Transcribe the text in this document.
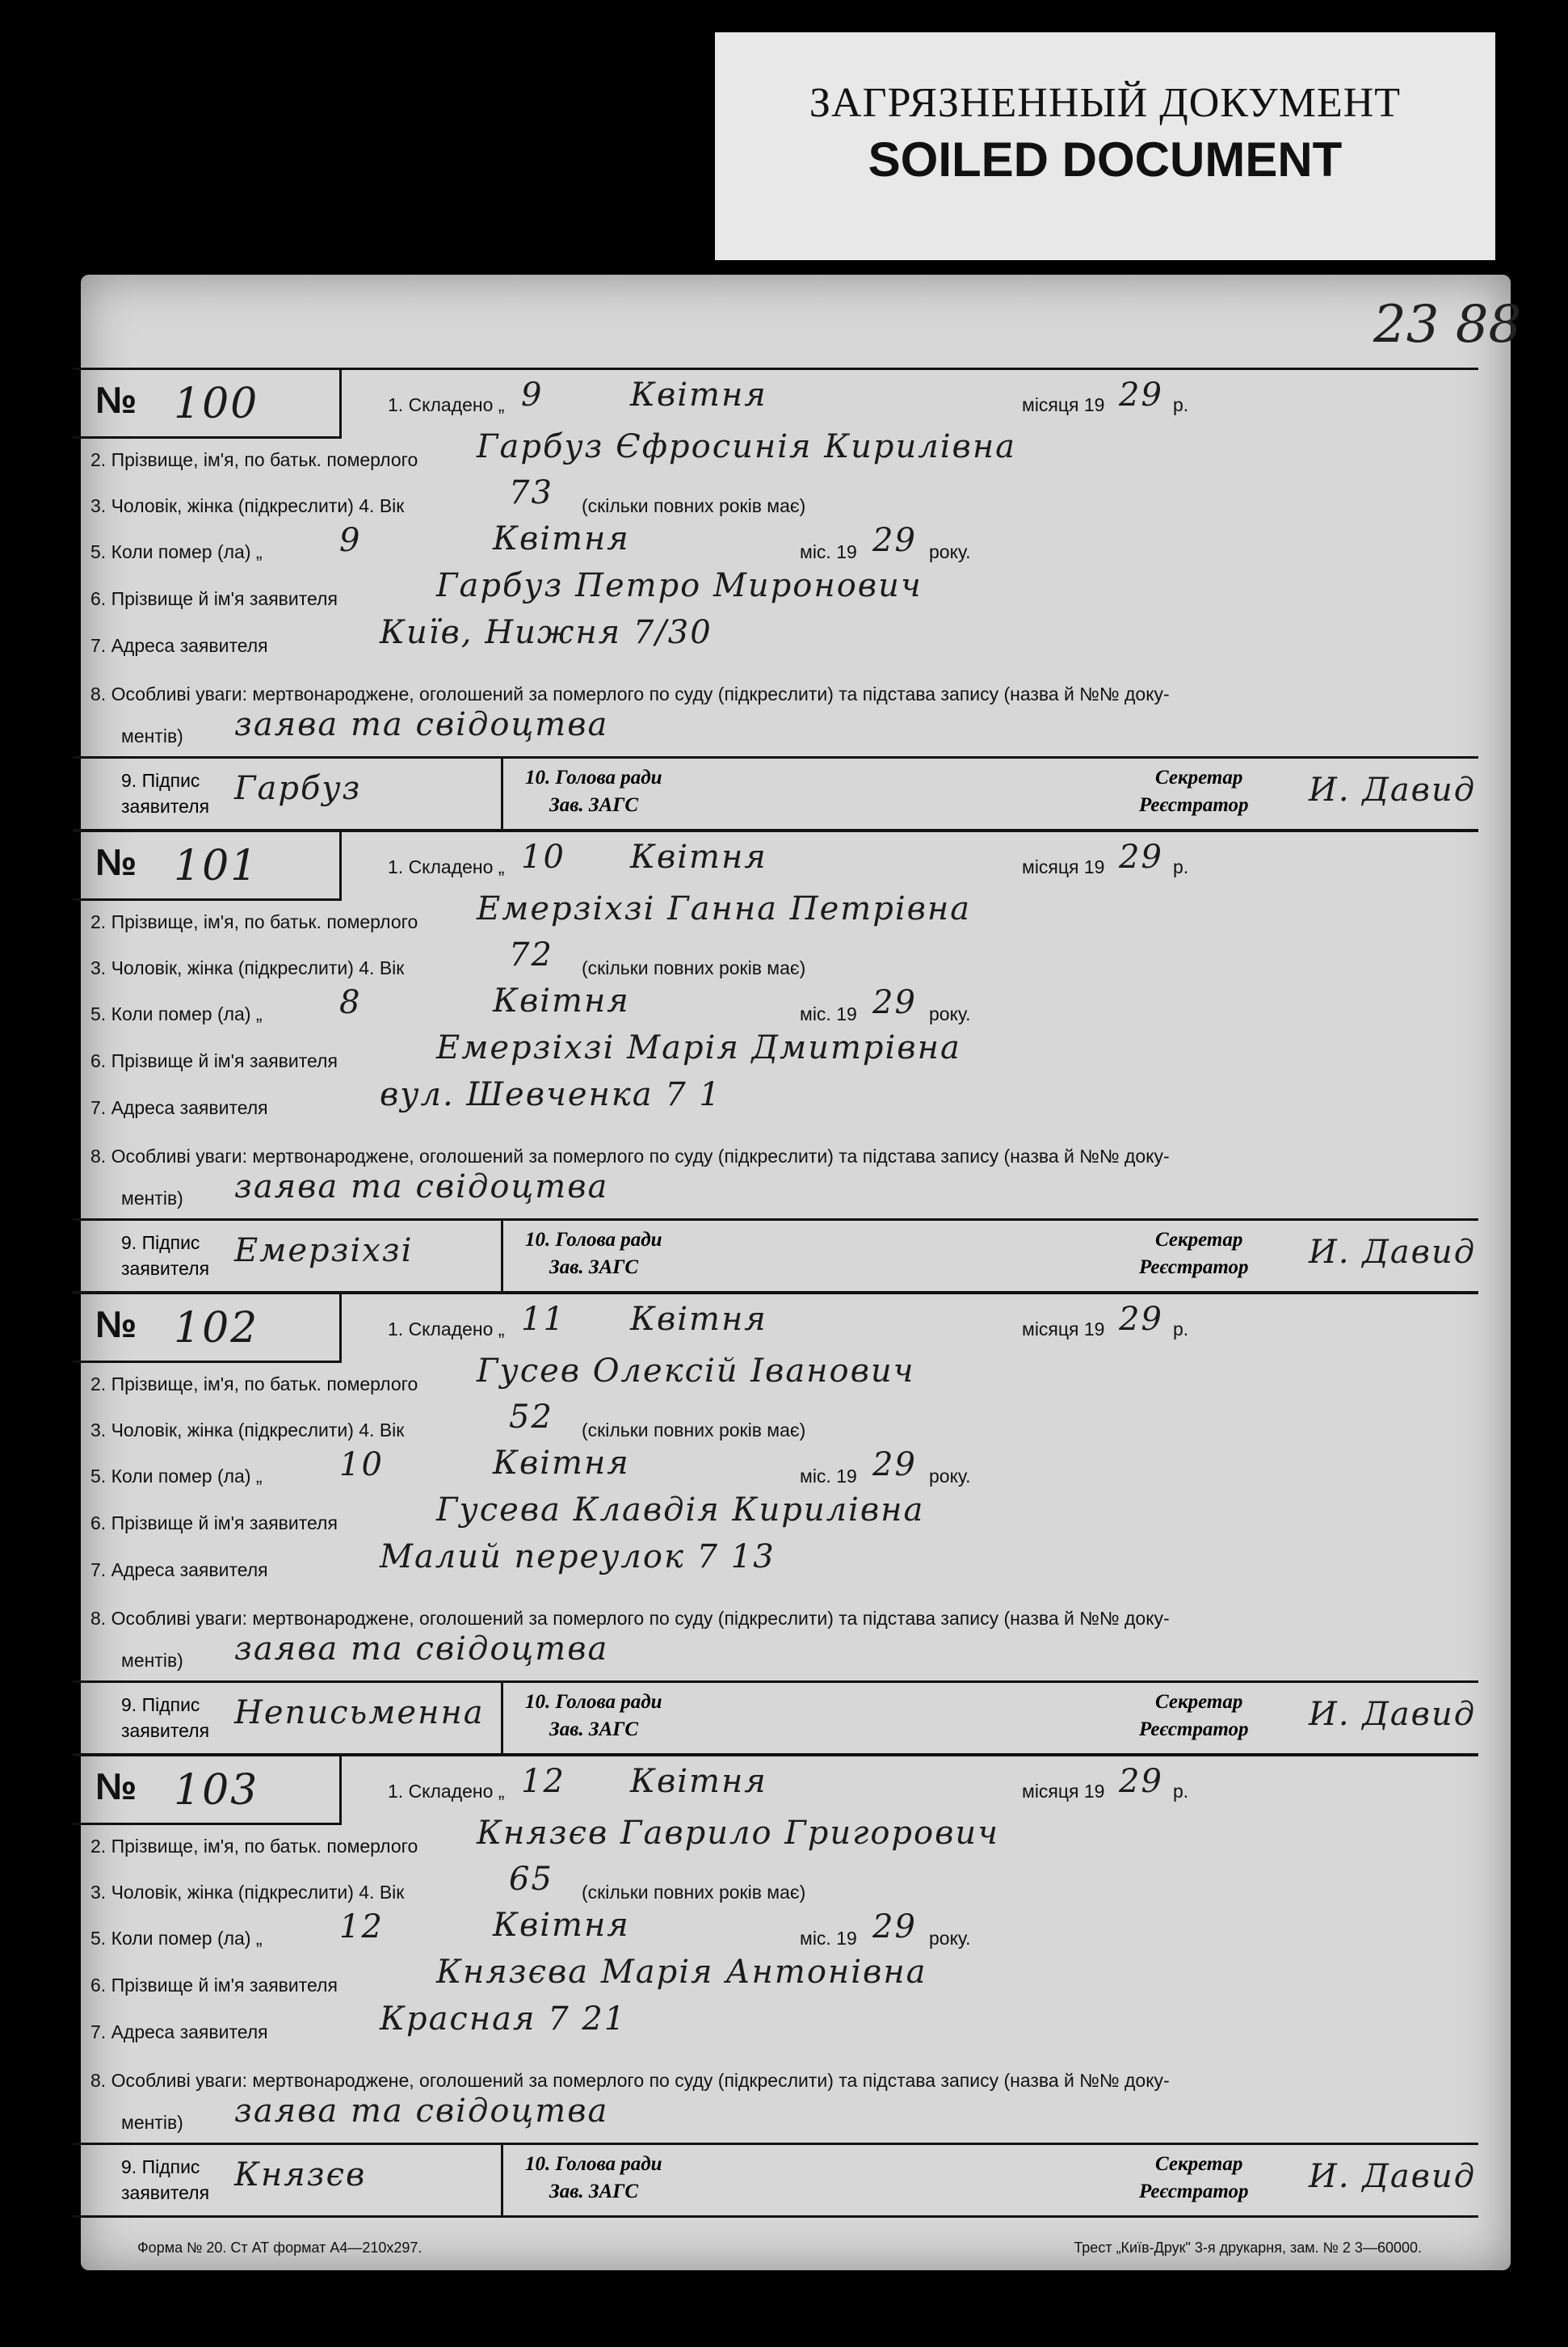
ЗАГРЯЗНЕННЫЙ ДОКУМЕНТ
SOILED DOCUMENT
23 88
№ 100	1. Складено „ 9	Квітня	місяця 19 29 р.
2. Прізвище, ім'я, по батьк. померлого Гарбуз Єфросинія Кирилівна
3. Чоловік, жінка (підкреслити) 4. Вік	73 (скільки повних років має)
5. Коли помер (ла) „ 9	Квітня	міс. 19 29 року.
6. Прізвище й ім'я заявителя	Гарбуз Петро Миронович
7. Адреса заявителя	Київ, Нижня 7/30
8. Особливі уваги: мертвонароджене, оголошений за померлого по суду (підкреслити) та підстава запису (назва й №№ доку-
ментів) заява та свідоцтва
9. Підпис
заявителя Гарбуз	10. Голова ради
Зав. ЗАГС
Секретар
Реєстратор И. Давид
№ 101	1. Складено „ 10 Квітня	місяця 19 29 р.
2. Прізвище, ім'я, по батьк. померлого Емерзіхзі Ганна Петрівна
3. Чоловік, жінка (підкреслити) 4. Вік	72 (скільки повних років має)
5. Коли помер (ла) „ 8	Квітня	міс. 19 29 року.
6. Прізвище й ім'я заявителя	Емерзіхзі Марія Дмитрівна
7. Адреса заявителя	вул. Шевченка 7 1
8. Особливі уваги: мертвонароджене, оголошений за померлого по суду (підкреслити) та підстава запису (назва й №№ доку-
ментів) заява та свідоцтва
9. Підпис
заявителя Емерзіхзі	10. Голова ради
Зав. ЗАГС
Секретар
Реєстратор И. Давид
№ 102	1. Складено „ 11 Квітня	місяця 19 29 р.
2. Прізвище, ім'я, по батьк. померлого Гусев Олексій Іванович
3. Чоловік, жінка (підкреслити) 4. Вік	52 (скільки повних років має)
5. Коли помер (ла) „ 10	Квітня	міс. 19 29 року.
6. Прізвище й ім'я заявителя	Гусева Клавдія Кирилівна
7. Адреса заявителя	Малий переулок 7 13
8. Особливі уваги: мертвонароджене, оголошений за померлого по суду (підкреслити) та підстава запису (назва й №№ доку-
ментів) заява та свідоцтва
9. Підпис
заявителя Неписьменна 10. Голова ради
Зав. ЗАГС
Секретар
Реєстратор И. Давид
№ 103	1. Складено „ 12 Квітня	місяця 19 29 р.
2. Прізвище, ім'я, по батьк. померлого Князєв Гаврило Григорович
3. Чоловік, жінка (підкреслити) 4. Вік	65 (скільки повних років має)
5. Коли помер (ла) „ 12	Квітня	міс. 19 29 року.
6. Прізвище й ім'я заявителя	Князєва Марія Антонівна
7. Адреса заявителя	Красная 7 21
8. Особливі уваги: мертвонароджене, оголошений за померлого по суду (підкреслити) та підстава запису (назва й №№ доку-
ментів) заява та свідоцтва
9. Підпис
заявителя Князєв	10. Голова ради
Зав. ЗАГС
Секретар
Реєстратор И. Давид
Форма № 20. Ст АТ формат А4—210х297.	Трест „Київ-Друк" 3-я друкарня, зам. № 2 3—60000.
